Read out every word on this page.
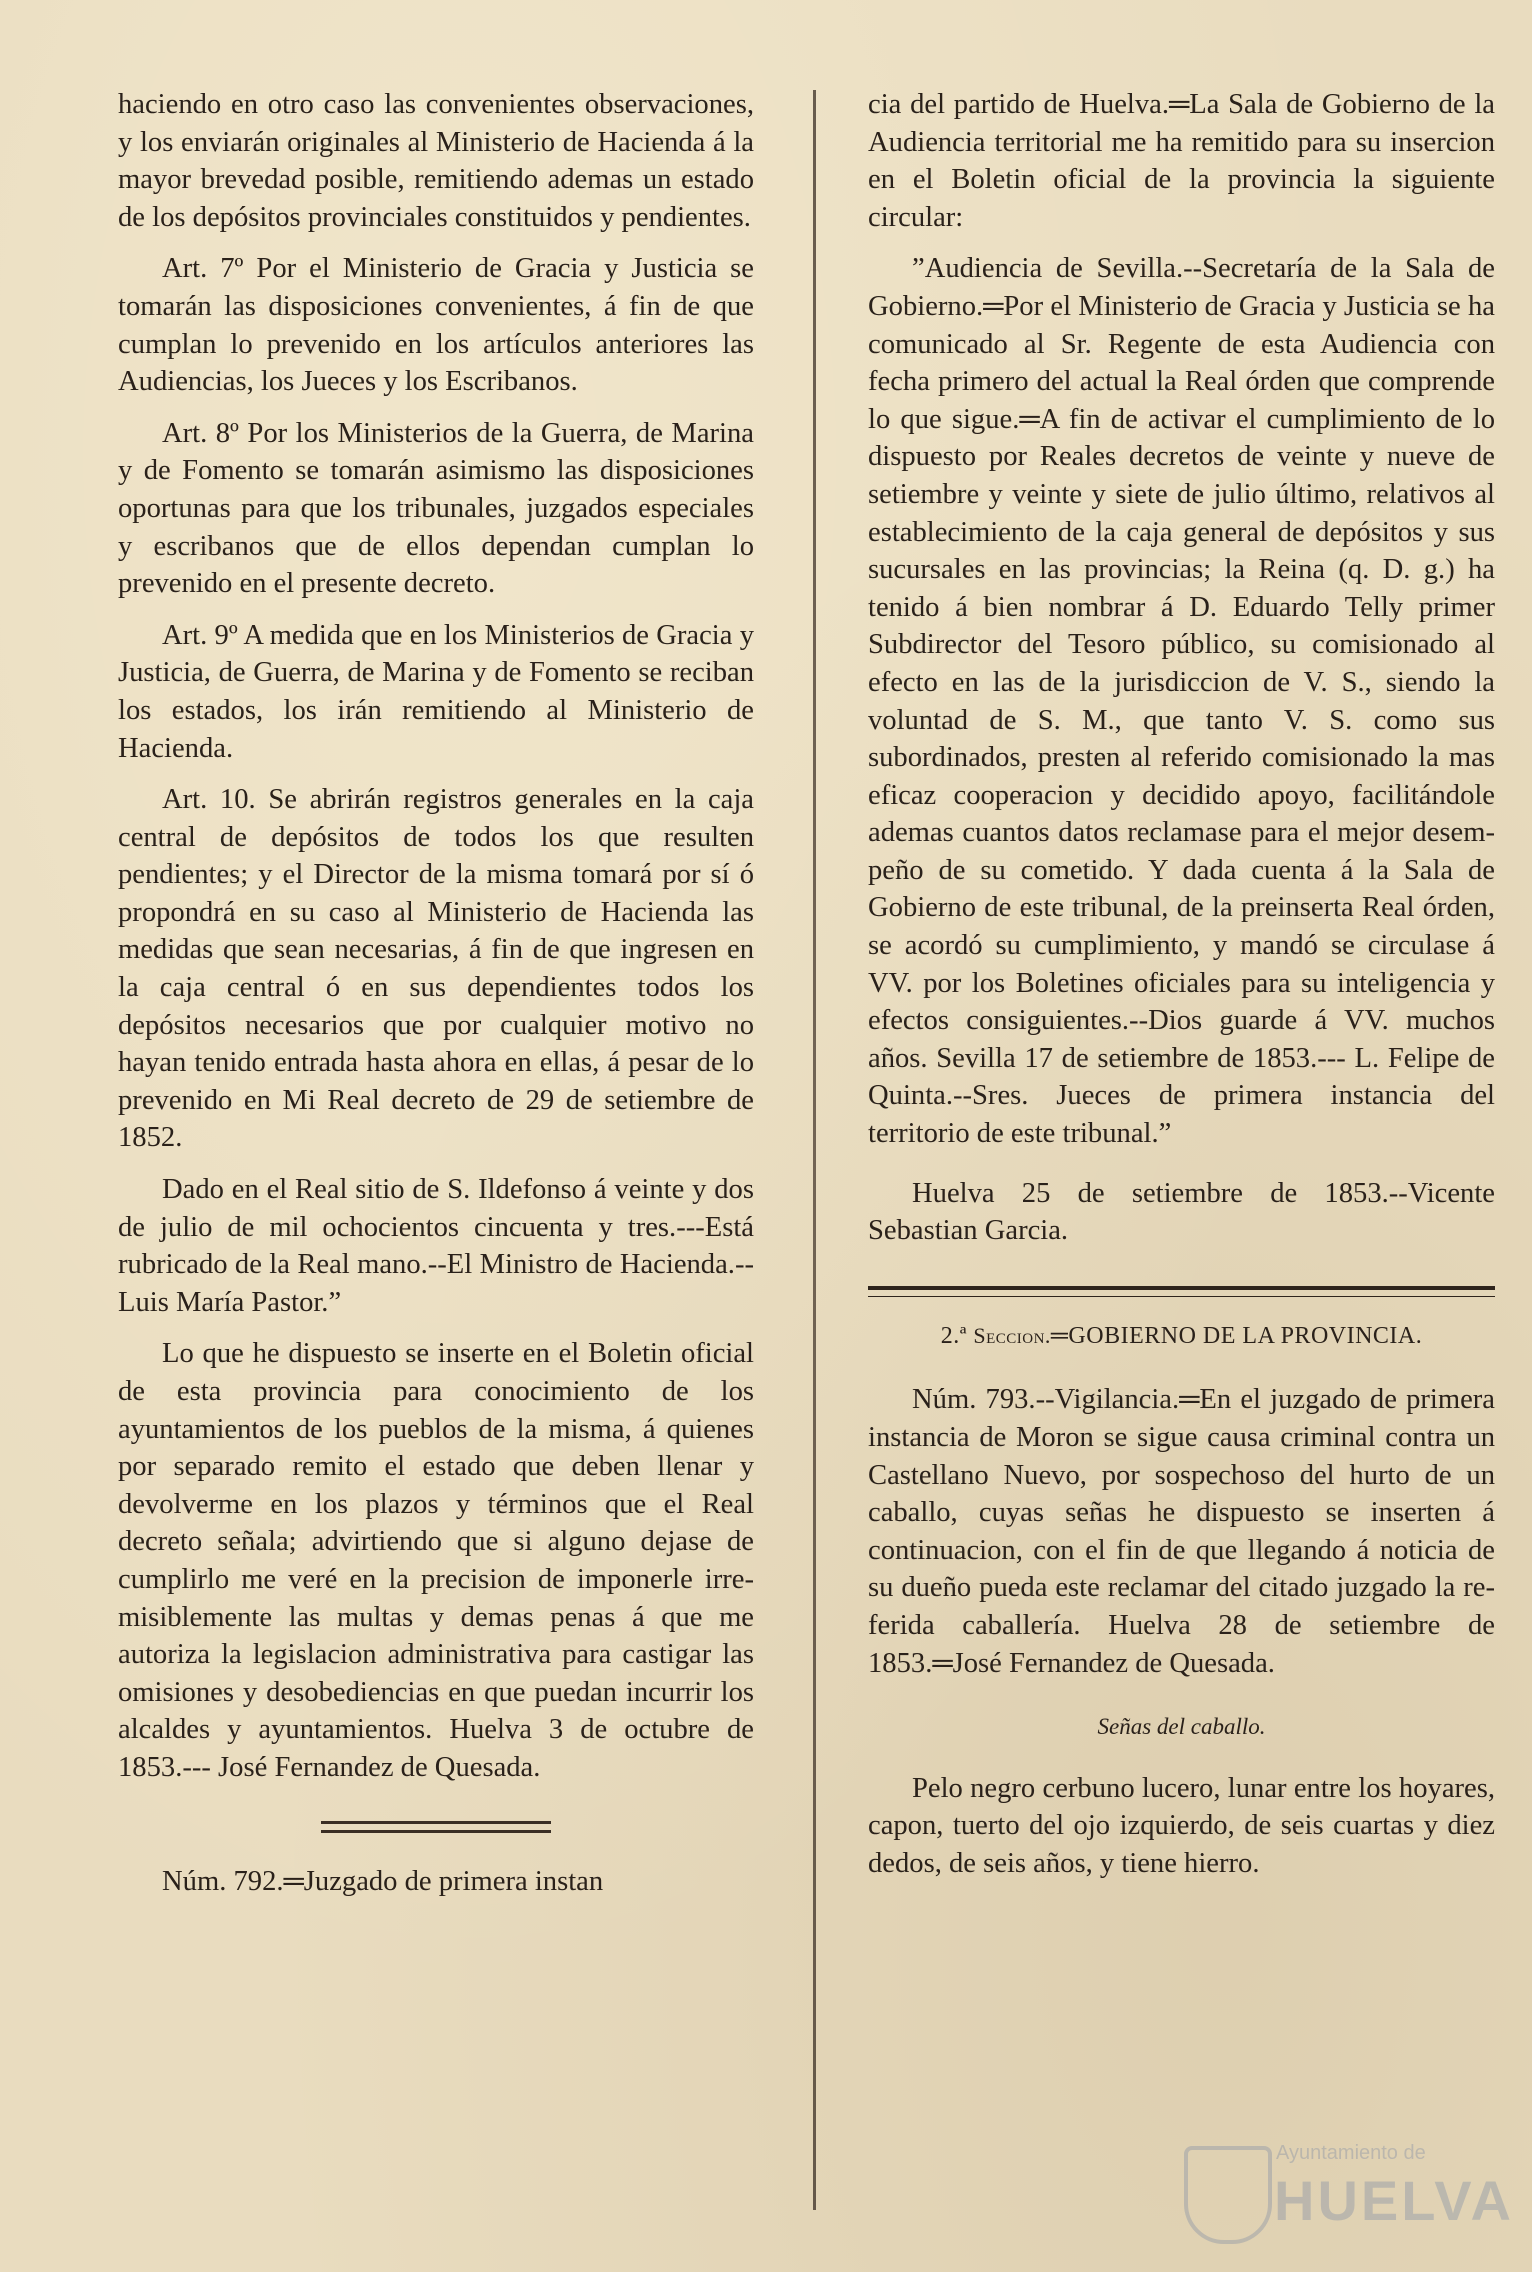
haciendo en otro caso las convenientes observaciones, y los enviarán originales al Ministerio de Hacienda á la mayor brevedad posible, remitiendo ademas un estado de los depósitos provinciales constituidos y pendientes.

Art. 7º Por el Ministerio de Gracia y Justicia se tomarán las disposiciones convenientes, á fin de que cumplan lo prevenido en los artículos anteriores las Audiencias, los Jueces y los Escribanos.

Art. 8º Por los Ministerios de la Guerra, de Marina y de Fomento se tomarán asimismo las disposiciones oportunas para que los tribunales, juzgados especiales y escribanos que de ellos dependan cumplan lo prevenido en el presente decreto.

Art. 9º A medida que en los Ministerios de Gracia y Justicia, de Guerra, de Marina y de Fomento se reciban los estados, los irán remitiendo al Ministerio de Hacienda.

Art. 10. Se abrirán registros generales en la caja central de depósitos de todos los que resulten pendientes; y el Director de la misma tomará por sí ó propondrá en su caso al Ministerio de Hacienda las medidas que sean necesarias, á fin de que ingresen en la caja central ó en sus dependientes todos los depósitos necesarios que por cualquier motivo no hayan tenido entrada hasta ahora en ellas, á pesar de lo prevenido en Mi Real decreto de 29 de setiembre de 1852.

Dado en el Real sitio de S. Ildefonso á veinte y dos de julio de mil ochocientos cincuenta y tres.---Está rubricado de la Real mano.--El Ministro de Hacienda.--Luis María Pastor.”

Lo que he dispuesto se inserte en el Boletin oficial de esta provincia para conocimiento de los ayuntamientos de los pueblos de la misma, á quienes por separado remito el estado que deben llenar y devolverme en los plazos y términos que el Real decreto señala; advirtiendo que si alguno dejase de cumplirlo me veré en la precision de imponerle irremisiblemente las multas y demas penas á que me autoriza la legislacion administrativa para castigar las omisiones y desobediencias en que puedan incurrir los alcaldes y ayuntamientos. Huelva 3 de octubre de 1853.--- José Fernandez de Quesada.

Núm. 792.═Juzgado de primera instan

cia del partido de Huelva.═La Sala de Gobierno de la Audiencia territorial me ha remitido para su insercion en el Boletin oficial de la provincia la siguiente circular:

”Audiencia de Sevilla.--Secretaría de la Sala de Gobierno.═Por el Ministerio de Gracia y Justicia se ha comunicado al Sr. Regente de esta Audiencia con fecha primero del actual la Real órden que comprende lo que sigue.═A fin de activar el cumplimiento de lo dispuesto por Reales decretos de veinte y nueve de setiembre y veinte y siete de julio último, relativos al establecimiento de la caja general de depósitos y sus sucursales en las provincias; la Reina (q. D. g.) ha tenido á bien nombrar á D. Eduardo Telly primer Subdirector del Tesoro público, su comisionado al efecto en las de la jurisdiccion de V. S., siendo la voluntad de S. M., que tanto V. S. como sus subordinados, presten al referido comisionado la mas eficaz cooperacion y decidido apoyo, facilitándole ademas cuantos datos reclamase para el mejor desempeño de su cometido. Y dada cuenta á la Sala de Gobierno de este tribunal, de la preinserta Real órden, se acordó su cumplimiento, y mandó se circulase á VV. por los Boletines oficiales para su inteligencia y efectos consiguientes.--Dios guarde á VV. muchos años. Sevilla 17 de setiembre de 1853.--- L. Felipe de Quinta.--Sres. Jueces de primera instancia del territorio de este tribunal.”

Huelva 25 de setiembre de 1853.--Vicente Sebastian Garcia.

2.ª Seccion.═GOBIERNO DE LA PROVINCIA.

Núm. 793.--Vigilancia.═En el juzgado de primera instancia de Moron se sigue causa criminal contra un Castellano Nuevo, por sospechoso del hurto de un caballo, cuyas señas he dispuesto se inserten á continuacion, con el fin de que llegando á noticia de su dueño pueda este reclamar del citado juzgado la referida caballería. Huelva 28 de setiembre de 1853.═José Fernandez de Quesada.

Señas del caballo.

Pelo negro cerbuno lucero, lunar entre los hoyares, capon, tuerto del ojo izquierdo, de seis cuartas y diez dedos, de seis años, y tiene hierro.

Ayuntamiento de
HUELVA
